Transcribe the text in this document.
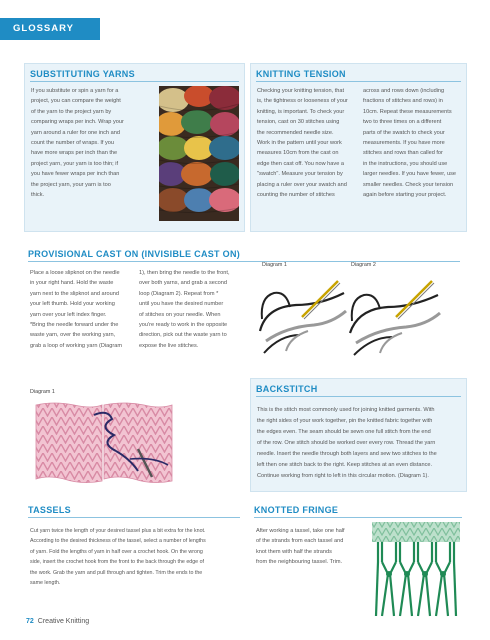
GLOSSARY
SUBSTITUTING YARNS

If you substitute or spin a yarn for a

project, you can compare the weight

of the yarn to the project yarn by

comparing wraps per inch. Wrap your

yarn around a ruler for one inch and

count the number of wraps. If you

have more wraps per inch than the

project yarn, your yarn is too thin; if

you have fewer wraps per inch than

the project yarn, your yarn is too

thick.

KNITTING TENSION

Checking your knitting tension, that

is, the tightness or looseness of your

knitting, is important. To check your

tension, cast on 30 stitches using

the recommended needle size.

Work in the pattern until your work

measures 10cm from the cast on

edge then cast off. You now have a

"swatch". Measure your tension by

placing a ruler over your swatch and

counting the number of stitches

across and rows down (including

fractions of stitches and rows) in

10cm. Repeat these measurements

two to three times on a different

parts of the swatch to check your

measurements. If you have more

stitches and rows than called for

in the instructions, you should use

larger needles. If you have fewer, use

smaller needles. Check your tension

again before starting your project.

PROVISIONAL CAST ON (INVISIBLE CAST ON)

Place a loose slipknot on the needle

in your right hand. Hold the waste

yarn next to the slipknot and around

your left thumb. Hold your working

yarn over your left index finger.

*Bring the needle forward under the

waste yarn, over the working yarn,

grab a loop of working yarn (Diagram

1), then bring the needle to the front,

over both yarns, and grab a second

loop (Diagram 2). Repeat from *

until you have the desired number

of stitches on your needle. When

you're ready to work in the opposite

direction, pick out the waste yarn to

expose the live stitches.

Diagram 1	Diagram 2
Diagram 1	BACKSTITCH

This is the stitch most commonly used for joining knitted garments. With

the right sides of your work together, pin the knitted fabric together with

the edges even. The seam should be sewn one full stitch from the end

of the row. One stitch should be worked over every row. Thread the yarn

needle. Insert the needle through both layers and sew two stitches to the

left then one stitch back to the right. Keep stitches at an even distance.

Continue working from right to left in this circular motion. (Diagram 1).

TASSELS

Cut yarn twice the length of your desired tassel plus a bit extra for the knot.

According to the desired thickness of the tassel, select a number of lengths

of yarn. Fold the lengths of yarn in half over a crochet hook. On the wrong

side, insert the crochet hook from the front to the back through the edge of

the work. Grab the yarn and pull through and tighten. Trim the ends to the

same length.

KNOTTED FRINGE

After working a tassel, take one half

of the strands from each tassel and

knot them with half the strands

from the neighbouring tassel. Trim.

72 Creative Knitting
